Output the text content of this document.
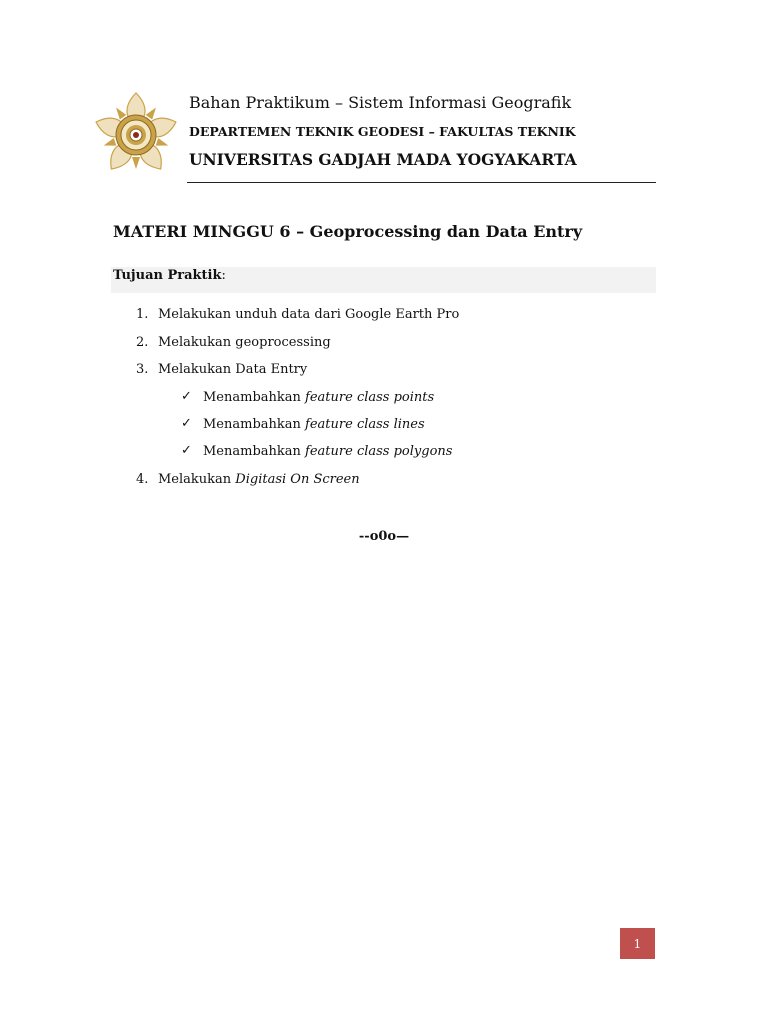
Bahan Praktikum – Sistem Informasi Geografik
DEPARTEMEN TEKNIK GEODESI – FAKULTAS TEKNIK
UNIVERSITAS GADJAH MADA YOGYAKARTA
MATERI MINGGU 6 – Geoprocessing dan Data Entry
Tujuan Praktik:
1. Melakukan unduh data dari Google Earth Pro
2. Melakukan geoprocessing
3. Melakukan Data Entry
✓ Menambahkan feature class points
✓ Menambahkan feature class lines
✓ Menambahkan feature class polygons
4. Melakukan Digitasi On Screen
--o0o—
1
